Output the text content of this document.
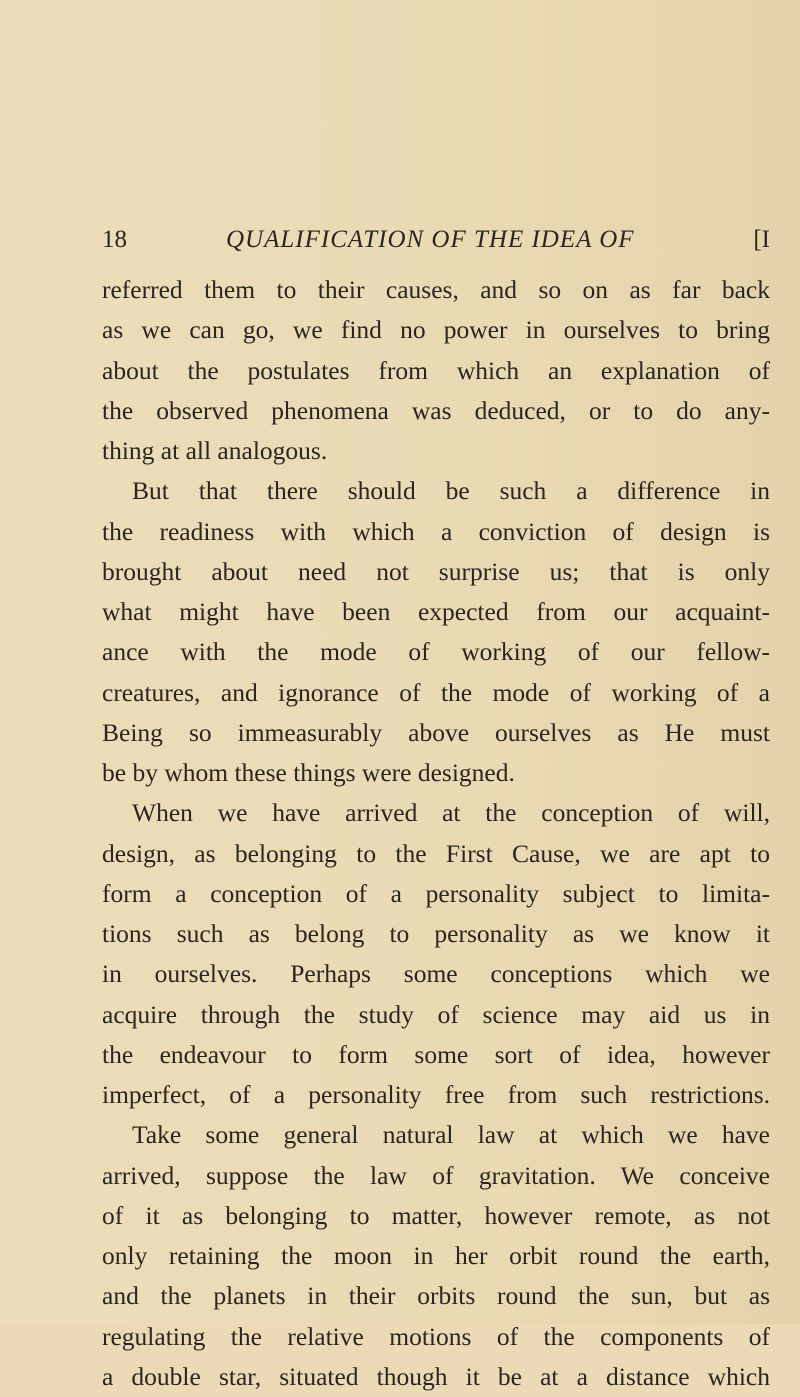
18	QUALIFICATION OF THE IDEA OF	[I
referred them to their causes, and so on as far back
as we can go, we find no power in ourselves to bring
about the postulates from which an explanation of
the observed phenomena was deduced, or to do any-
thing at all analogous.
But that there should be such a difference in
the readiness with which a conviction of design is
brought about need not surprise us; that is only
what might have been expected from our acquaint-
ance with the mode of working of our fellow-
creatures, and ignorance of the mode of working of a
Being so immeasurably above ourselves as He must
be by whom these things were designed.
When we have arrived at the conception of will,
design, as belonging to the First Cause, we are apt to
form a conception of a personality subject to limita-
tions such as belong to personality as we know it
in ourselves. Perhaps some conceptions which we
acquire through the study of science may aid us in
the endeavour to form some sort of idea, however
imperfect, of a personality free from such restrictions.
Take some general natural law at which we have
arrived, suppose the law of gravitation. We conceive
of it as belonging to matter, however remote, as not
only retaining the moon in her orbit round the earth,
and the planets in their orbits round the sun, but as
regulating the relative motions of the components of
a double star, situated though it be at a distance which
